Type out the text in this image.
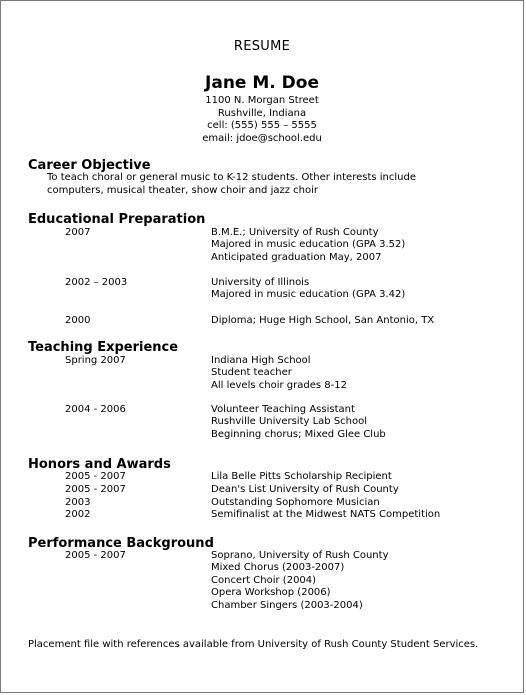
RESUME
Jane M. Doe
1100 N. Morgan Street
Rushville, Indiana
cell: (555) 555 – 5555
email: jdoe@school.edu
Career Objective
To teach choral or general music to K-12 students. Other interests include
computers, musical theater, show choir and jazz choir
Educational Preparation
2007	B.M.E.; University of Rush County
Majored in music education (GPA 3.52)
Anticipated graduation May, 2007
2002 – 2003	University of Illinois
Majored in music education (GPA 3.42)
2000	Diploma; Huge High School, San Antonio, TX
Teaching Experience
Spring 2007	Indiana High School
Student teacher
All levels choir grades 8-12
2004 - 2006	Volunteer Teaching Assistant
Rushville University Lab School
Beginning chorus; Mixed Glee Club
Honors and Awards
2005 - 2007	Lila Belle Pitts Scholarship Recipient
2005 - 2007	Dean's List University of Rush County
2003	Outstanding Sophomore Musician
2002	Semifinalist at the Midwest NATS Competition
Performance Background
2005 - 2007	Soprano, University of Rush County
Mixed Chorus (2003-2007)
Concert Choir (2004)
Opera Workshop (2006)
Chamber Singers (2003-2004)
Placement file with references available from University of Rush County Student Services.
